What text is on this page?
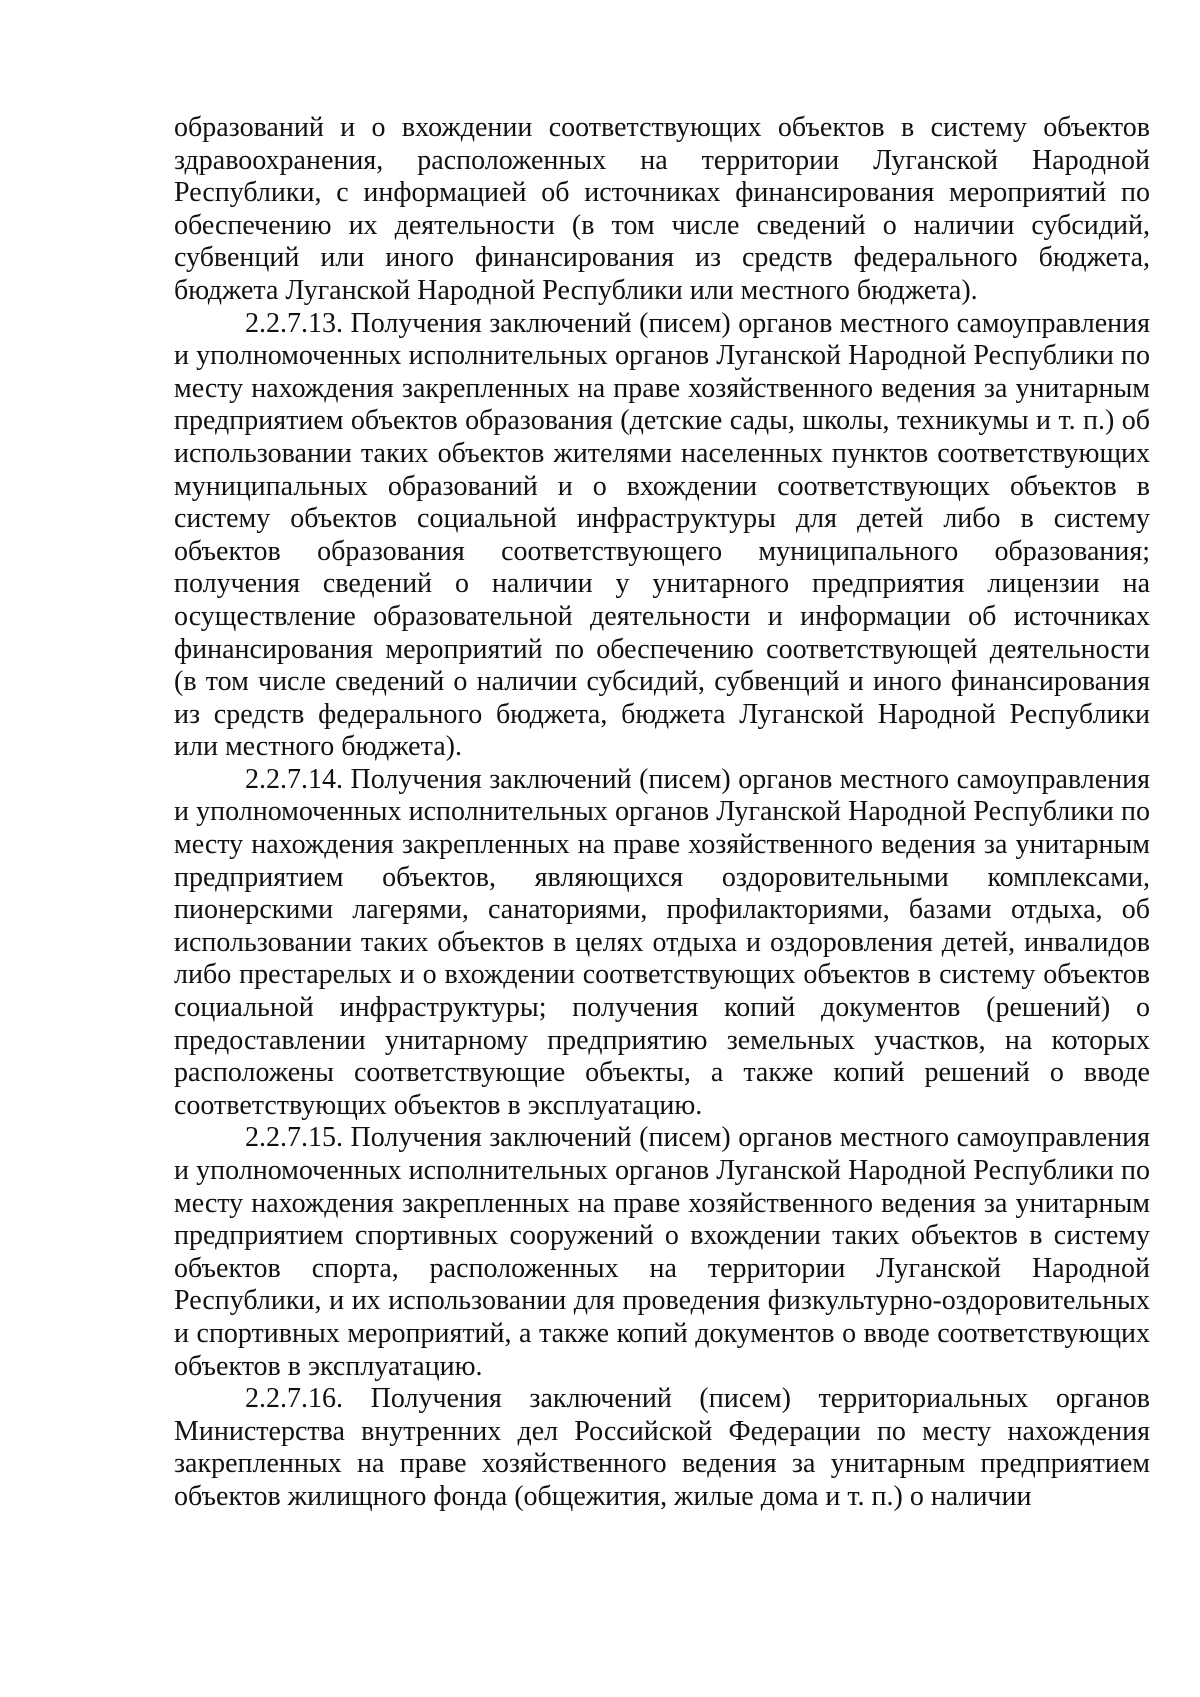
образований и о вхождении соответствующих объектов в систему объектов здравоохранения, расположенных на территории Луганской Народной Республики, с информацией об источниках финансирования мероприятий по обеспечению их деятельности (в том числе сведений о наличии субсидий, субвенций или иного финансирования из средств федерального бюджета, бюджета Луганской Народной Республики или местного бюджета).

2.2.7.13. Получения заключений (писем) органов местного самоуправления и уполномоченных исполнительных органов Луганской Народной Республики по месту нахождения закрепленных на праве хозяйственного ведения за унитарным предприятием объектов образования (детские сады, школы, техникумы и т. п.) об использовании таких объектов жителями населенных пунктов соответствующих муниципальных образований и о вхождении соответствующих объектов в систему объектов социальной инфраструктуры для детей либо в систему объектов образования соответствующего муниципального образования; получения сведений о наличии у унитарного предприятия лицензии на осуществление образовательной деятельности и информации об источниках финансирования мероприятий по обеспечению соответствующей деятельности (в том числе сведений о наличии субсидий, субвенций и иного финансирования из средств федерального бюджета, бюджета Луганской Народной Республики или местного бюджета).

2.2.7.14. Получения заключений (писем) органов местного самоуправления и уполномоченных исполнительных органов Луганской Народной Республики по месту нахождения закрепленных на праве хозяйственного ведения за унитарным предприятием объектов, являющихся оздоровительными комплексами, пионерскими лагерями, санаториями, профилакториями, базами отдыха, об использовании таких объектов в целях отдыха и оздоровления детей, инвалидов либо престарелых и о вхождении соответствующих объектов в систему объектов социальной инфраструктуры; получения копий документов (решений) о предоставлении унитарному предприятию земельных участков, на которых расположены соответствующие объекты, а также копий решений о вводе соответствующих объектов в эксплуатацию.

2.2.7.15. Получения заключений (писем) органов местного самоуправления и уполномоченных исполнительных органов Луганской Народной Республики по месту нахождения закрепленных на праве хозяйственного ведения за унитарным предприятием спортивных сооружений о вхождении таких объектов в систему объектов спорта, расположенных на территории Луганской Народной Республики, и их использовании для проведения физкультурно-оздоровительных и спортивных мероприятий, а также копий документов о вводе соответствующих объектов в эксплуатацию.

2.2.7.16. Получения заключений (писем) территориальных органов Министерства внутренних дел Российской Федерации по месту нахождения закрепленных на праве хозяйственного ведения за унитарным предприятием объектов жилищного фонда (общежития, жилые дома и т. п.) о наличии
